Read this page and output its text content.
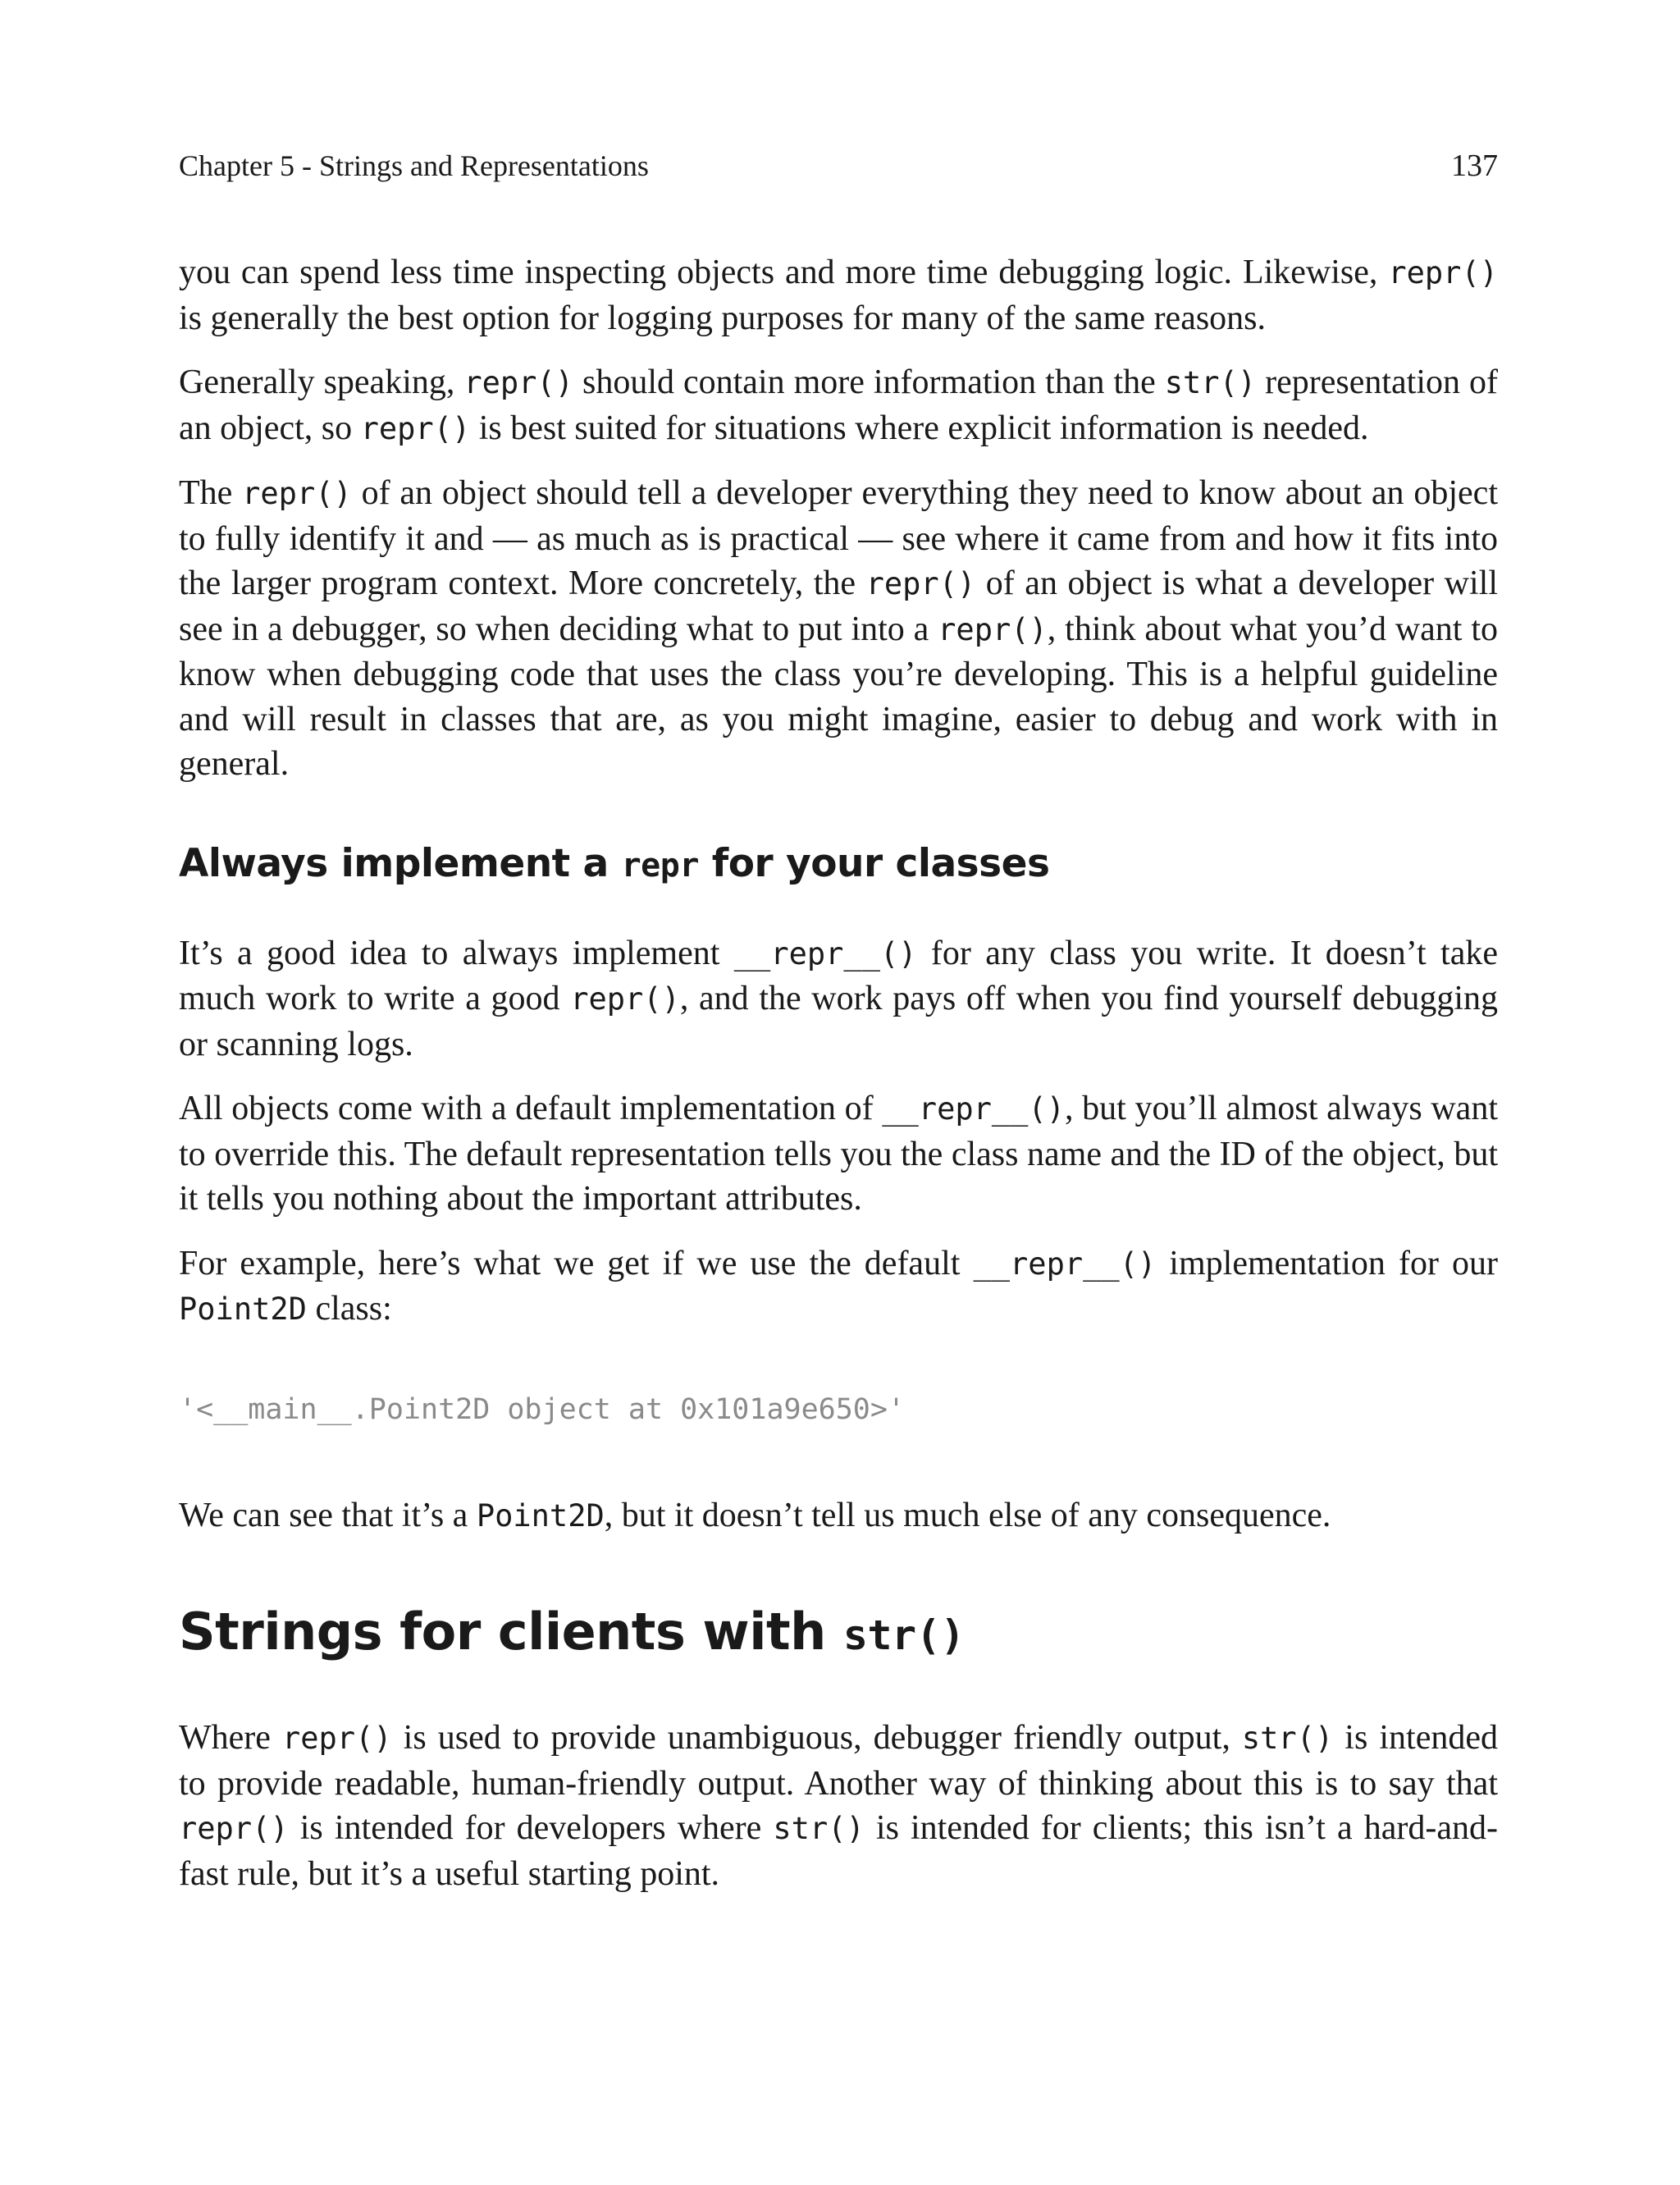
Chapter 5 - Strings and Representations	137

you can spend less time inspecting objects and more time debugging logic. Likewise, repr() is generally the best option for logging purposes for many of the same reasons.

Generally speaking, repr() should contain more information than the str() representation of an object, so repr() is best suited for situations where explicit information is needed.

The repr() of an object should tell a developer everything they need to know about an object to fully identify it and — as much as is practical — see where it came from and how it fits into the larger program context. More concretely, the repr() of an object is what a developer will see in a debugger, so when deciding what to put into a repr(), think about what you’d want to know when debugging code that uses the class you’re developing. This is a helpful guideline and will result in classes that are, as you might imagine, easier to debug and work with in general.

Always implement a repr for your classes

It’s a good idea to always implement __repr__() for any class you write. It doesn’t take much work to write a good repr(), and the work pays off when you find yourself debugging or scanning logs.

All objects come with a default implementation of __repr__(), but you’ll almost always want to override this. The default representation tells you the class name and the ID of the object, but it tells you nothing about the important attributes.

For example, here’s what we get if we use the default __repr__() implementation for our Point2D class:

'<__main__.Point2D object at 0x101a9e650>'

We can see that it’s a Point2D, but it doesn’t tell us much else of any consequence.

Strings for clients with str()

Where repr() is used to provide unambiguous, debugger friendly output, str() is intended to provide readable, human-friendly output. Another way of thinking about this is to say that repr() is intended for developers where str() is intended for clients; this isn’t a hard-and-fast rule, but it’s a useful starting point.
